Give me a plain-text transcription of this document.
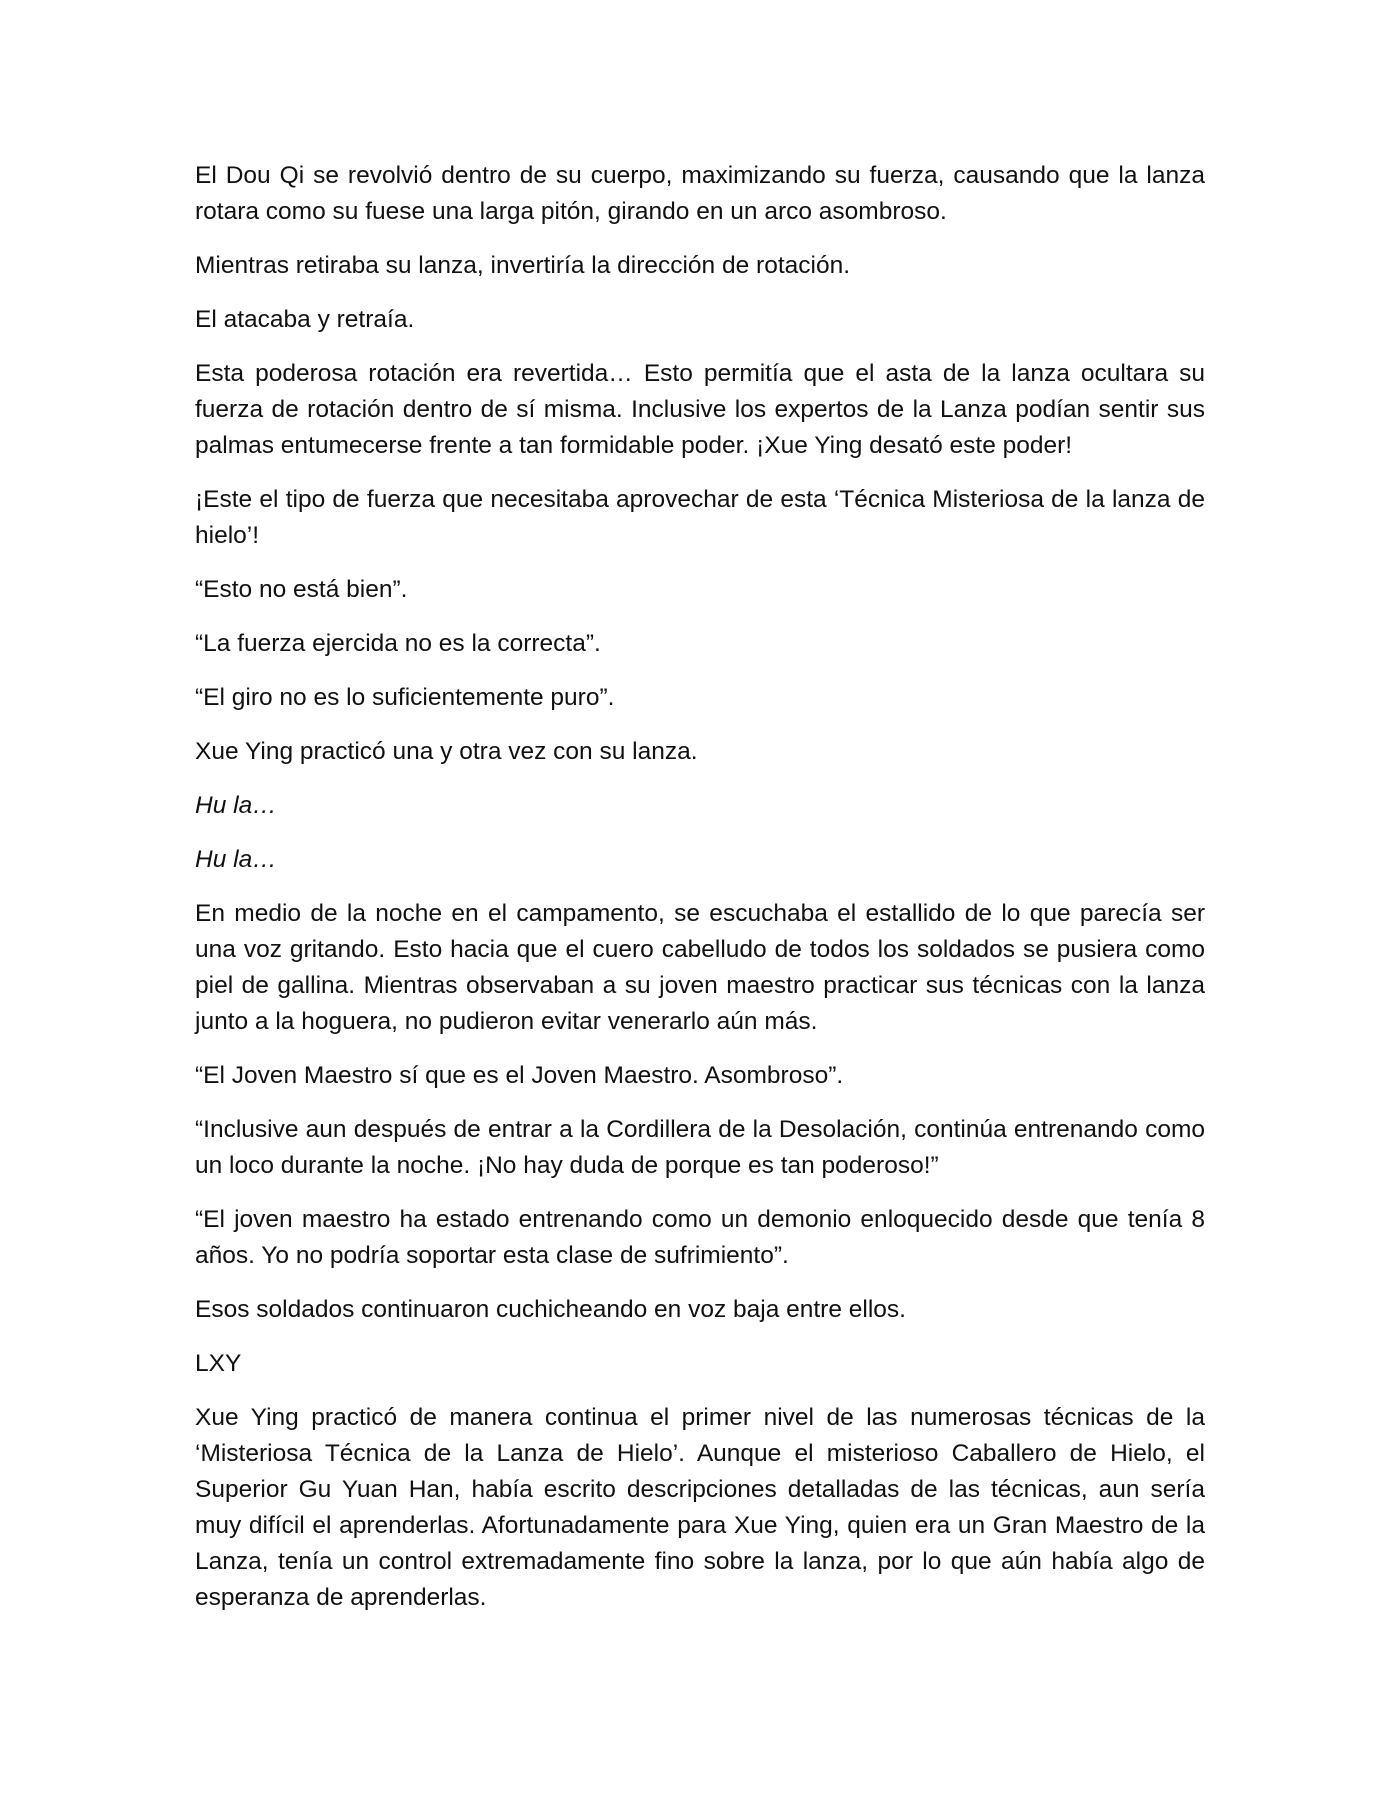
El Dou Qi se revolvió dentro de su cuerpo, maximizando su fuerza, causando que la lanza rotara como su fuese una larga pitón, girando en un arco asombroso.

Mientras retiraba su lanza, invertiría la dirección de rotación.

El atacaba y retraía.

Esta poderosa rotación era revertida… Esto permitía que el asta de la lanza ocultara su fuerza de rotación dentro de sí misma. Inclusive los expertos de la Lanza podían sentir sus palmas entumecerse frente a tan formidable poder. ¡Xue Ying desató este poder!

¡Este el tipo de fuerza que necesitaba aprovechar de esta ‘Técnica Misteriosa de la lanza de hielo’!

“Esto no está bien”.

“La fuerza ejercida no es la correcta”.

“El giro no es lo suficientemente puro”.

Xue Ying practicó una y otra vez con su lanza.

Hu la…

Hu la…

En medio de la noche en el campamento, se escuchaba el estallido de lo que parecía ser una voz gritando. Esto hacia que el cuero cabelludo de todos los soldados se pusiera como piel de gallina. Mientras observaban a su joven maestro practicar sus técnicas con la lanza junto a la hoguera, no pudieron evitar venerarlo aún más.

“El Joven Maestro sí que es el Joven Maestro. Asombroso”.

“Inclusive aun después de entrar a la Cordillera de la Desolación, continúa entrenando como un loco durante la noche. ¡No hay duda de porque es tan poderoso!”

“El joven maestro ha estado entrenando como un demonio enloquecido desde que tenía 8 años. Yo no podría soportar esta clase de sufrimiento”.

Esos soldados continuaron cuchicheando en voz baja entre ellos.

LXY

Xue Ying practicó de manera continua el primer nivel de las numerosas técnicas de la ‘Misteriosa Técnica de la Lanza de Hielo’. Aunque el misterioso Caballero de Hielo, el Superior Gu Yuan Han, había escrito descripciones detalladas de las técnicas, aun sería muy difícil el aprenderlas. Afortunadamente para Xue Ying, quien era un Gran Maestro de la Lanza, tenía un control extremadamente fino sobre la lanza, por lo que aún había algo de esperanza de aprenderlas.
